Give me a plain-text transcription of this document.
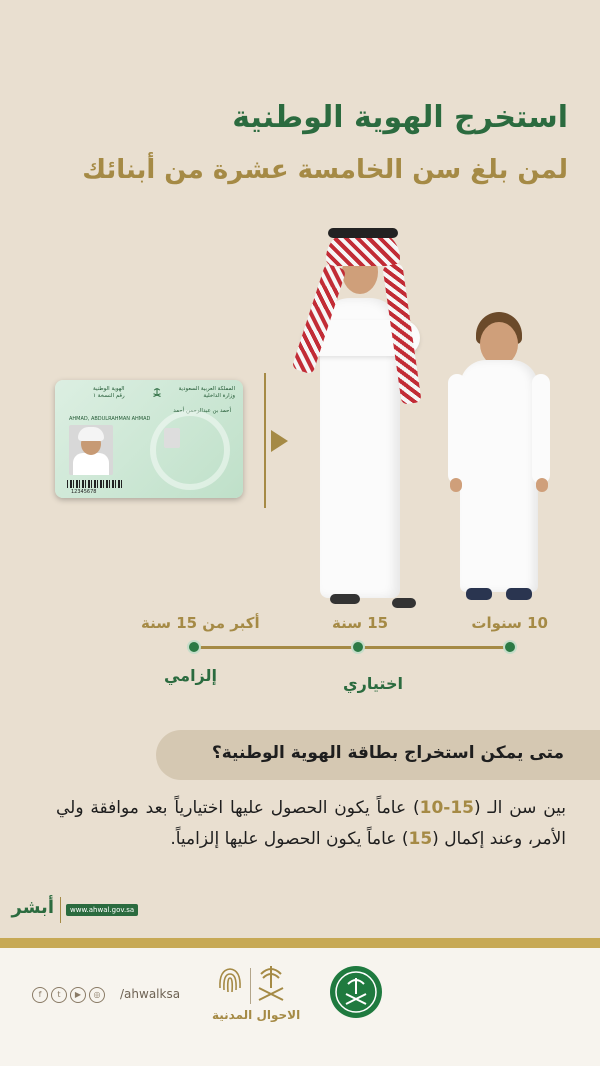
استخرج الهوية الوطنية
لمن بلغ سن الخامسة عشرة من أبنائك
المملكة العربية السعودية
وزارة الداخلية
الهوية الوطنية
رقم النسخة ١
أحمد بن عبدالرحمن أحمد
AHMAD, ABDULRAHMAN AHMAD
12345678
10 سنوات
15 سنة
أكبر من 15 سنة
اختياري
إلزامي
متى يمكن استخراج بطاقة الهوية الوطنية؟
بين سن الـ (15-10) عاماً يكون الحصول عليها اختيارياً بعد موافقة ولي الأمر، وعند إكمال (15) عاماً يكون الحصول عليها إلزامياً.
أبشر	www.ahwal.gov.sa
f	t	▶	◎	/ahwalksa
الاحوال المدنية
